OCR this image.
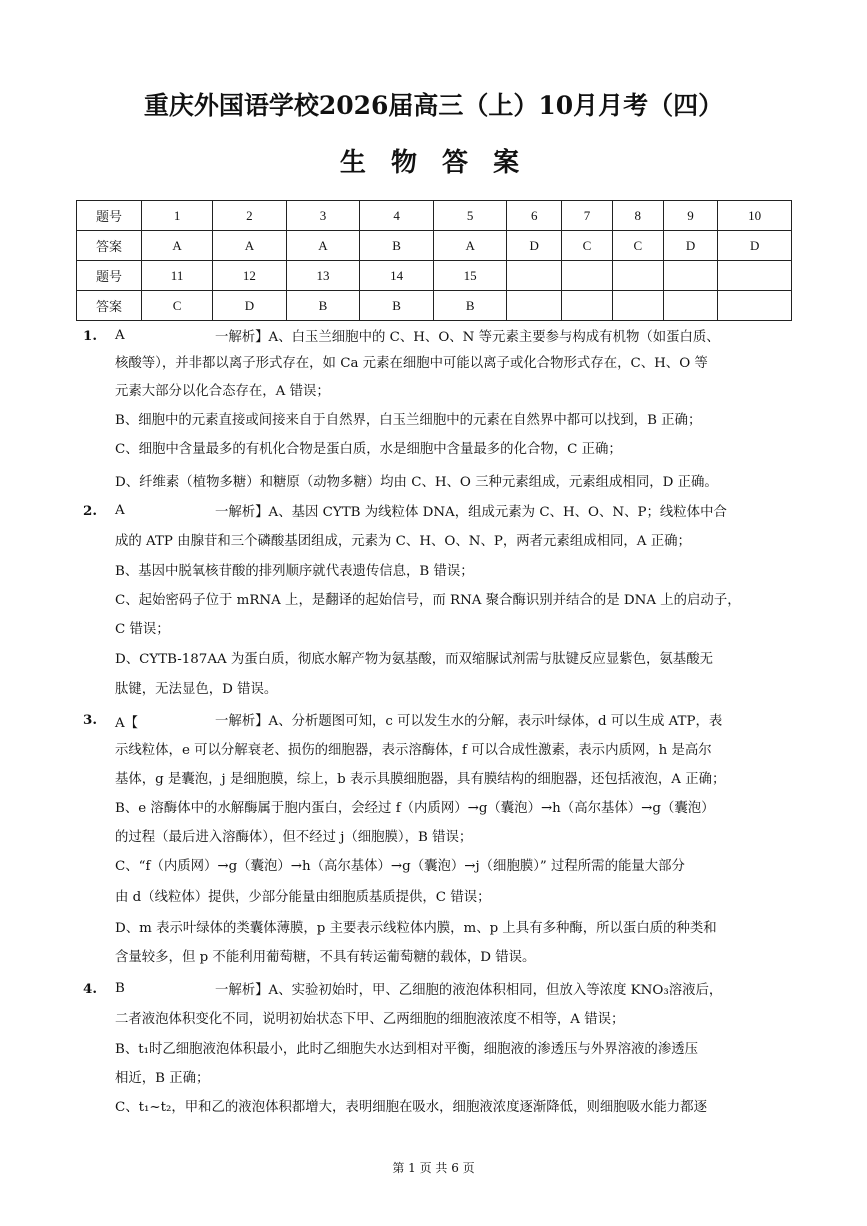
重庆外国语学校2026届高三（上）10月月考（四）
生 物 答 案
题号	1	2	3	4	5	6	7	8	9	10
答案	A	A	A	B	A	D	C	C	D	D
题号	11	12	13	14	15					
答案	C	D	B	B	B					
1. A	一解析】A、白玉兰细胞中的 C、H、O、N 等元素主要参与构成有机物（如蛋白质、
核酸等），并非都以离子形式存在，如 Ca 元素在细胞中可能以离子或化合物形式存在，C、H、O 等
元素大部分以化合态存在，A 错误；
B、细胞中的元素直接或间接来自于自然界，白玉兰细胞中的元素在自然界中都可以找到，B 正确；
C、细胞中含量最多的有机化合物是蛋白质，水是细胞中含量最多的化合物，C 正确；
D、纤维素（植物多糖）和糖原（动物多糖）均由 C、H、O 三种元素组成，元素组成相同，D 正确。
2. A	一解析】A、基因 CYTB 为线粒体 DNA，组成元素为 C、H、O、N、P；线粒体中合
成的 ATP 由腺苷和三个磷酸基团组成，元素为 C、H、O、N、P，两者元素组成相同，A 正确；
B、基因中脱氧核苷酸的排列顺序就代表遗传信息，B 错误；
C、起始密码子位于 mRNA 上，是翻译的起始信号，而 RNA 聚合酶识别并结合的是 DNA 上的启动子，
C 错误；
D、CYTB-187AA 为蛋白质，彻底水解产物为氨基酸，而双缩脲试剂需与肽键反应显紫色，氨基酸无
肽键，无法显色，D 错误。
3. A【	一解析】A、分析题图可知，c 可以发生水的分解，表示叶绿体，d 可以生成 ATP，表
示线粒体，e 可以分解衰老、损伤的细胞器，表示溶酶体，f 可以合成性激素，表示内质网，h 是高尔
基体，g 是囊泡，j 是细胞膜，综上，b 表示具膜细胞器，具有膜结构的细胞器，还包括液泡，A 正确；
B、e 溶酶体中的水解酶属于胞内蛋白，会经过 f（内质网）→g（囊泡）→h（高尔基体）→g（囊泡）
的过程（最后进入溶酶体），但不经过 j（细胞膜），B 错误；
C、“f（内质网）→g（囊泡）→h（高尔基体）→g（囊泡）→j（细胞膜）” 过程所需的能量大部分
由 d（线粒体）提供，少部分能量由细胞质基质提供，C 错误；
D、m 表示叶绿体的类囊体薄膜，p 主要表示线粒体内膜，m、p 上具有多种酶，所以蛋白质的种类和
含量较多，但 p 不能利用葡萄糖，不具有转运葡萄糖的载体，D 错误。
4. B	一解析】A、实验初始时，甲、乙细胞的液泡体积相同，但放入等浓度 KNO₃溶液后，
二者液泡体积变化不同，说明初始状态下甲、乙两细胞的细胞液浓度不相等，A 错误；
B、t₁时乙细胞液泡体积最小，此时乙细胞失水达到相对平衡，细胞液的渗透压与外界溶液的渗透压
相近，B 正确；
C、t₁~t₂，甲和乙的液泡体积都增大，表明细胞在吸水，细胞液浓度逐渐降低，则细胞吸水能力都逐
第 1 页 共 6 页
